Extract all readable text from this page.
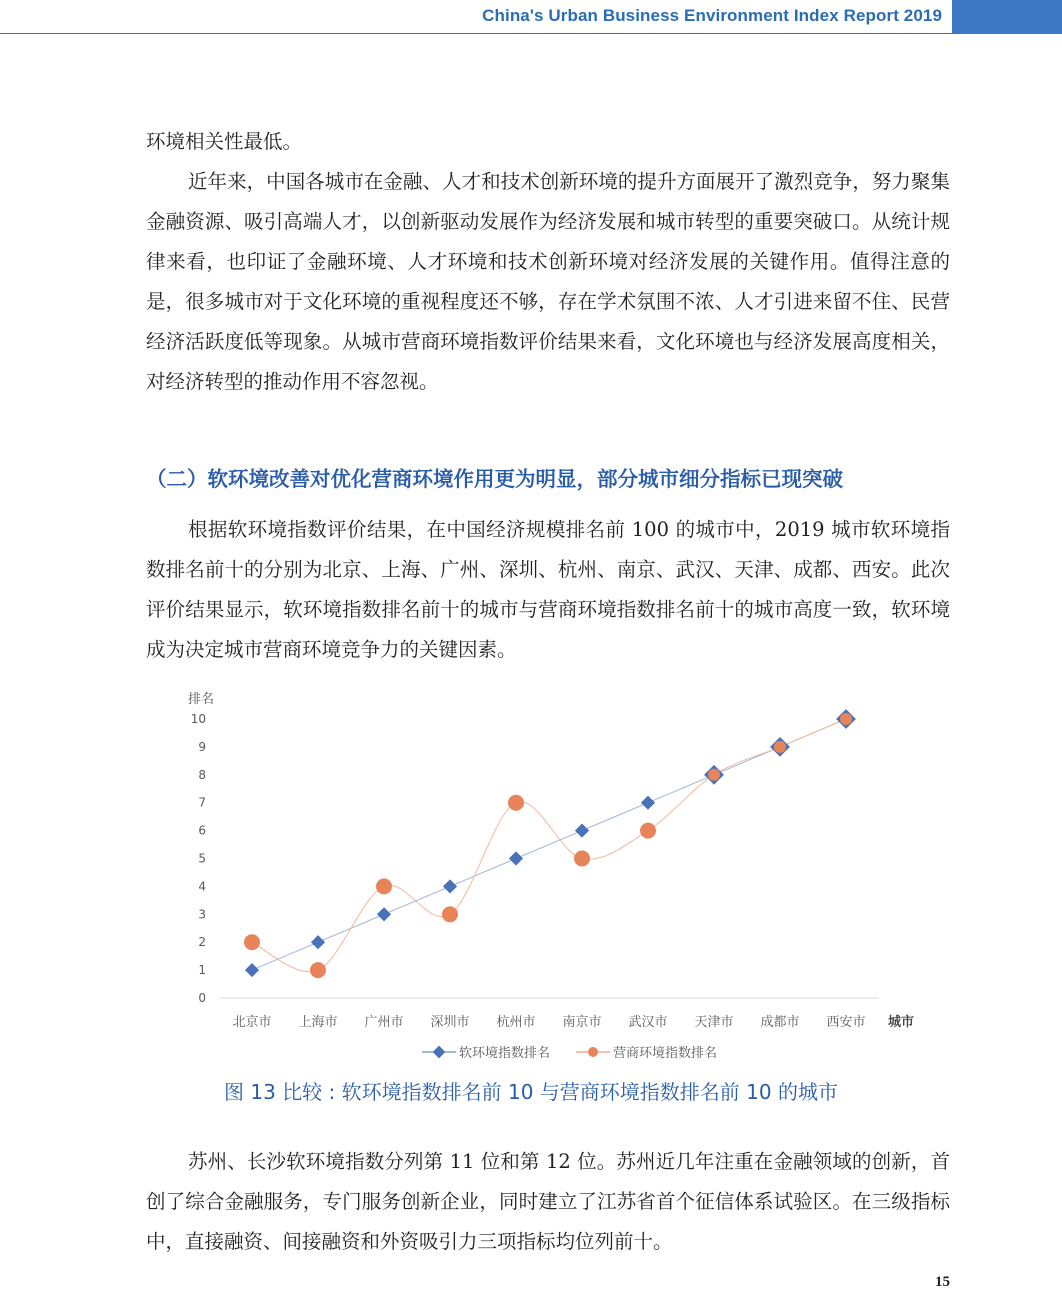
China's Urban Business Environment Index Report 2019

环境相关性最低。

近年来，中国各城市在金融、人才和技术创新环境的提升方面展开了激烈竞争，努力聚集金融资源、吸引高端人才，以创新驱动发展作为经济发展和城市转型的重要突破口。从统计规律来看，也印证了金融环境、人才环境和技术创新环境对经济发展的关键作用。值得注意的是，很多城市对于文化环境的重视程度还不够，存在学术氛围不浓、人才引进来留不住、民营经济活跃度低等现象。从城市营商环境指数评价结果来看，文化环境也与经济发展高度相关，对经济转型的推动作用不容忽视。

（二）软环境改善对优化营商环境作用更为明显，部分城市细分指标已现突破

根据软环境指数评价结果，在中国经济规模排名前 100 的城市中，2019 城市软环境指数排名前十的分别为北京、上海、广州、深圳、杭州、南京、武汉、天津、成都、西安。此次评价结果显示，软环境指数排名前十的城市与营商环境指数排名前十的城市高度一致，软环境成为决定城市营商环境竞争力的关键因素。

排名
0
1
2
3
4
5
6
7
8
9
10
北京市 上海市 广州市 深圳市 杭州市 南京市 武汉市 天津市 成都市 西安市 城市
软环境指数排名	营商环境指数排名

图 13 比较 : 软环境指数排名前 10 与营商环境指数排名前 10 的城市

苏州、长沙软环境指数分列第 11 位和第 12 位。苏州近几年注重在金融领域的创新，首创了综合金融服务，专门服务创新企业，同时建立了江苏省首个征信体系试验区。在三级指标中，直接融资、间接融资和外资吸引力三项指标均位列前十。

15
